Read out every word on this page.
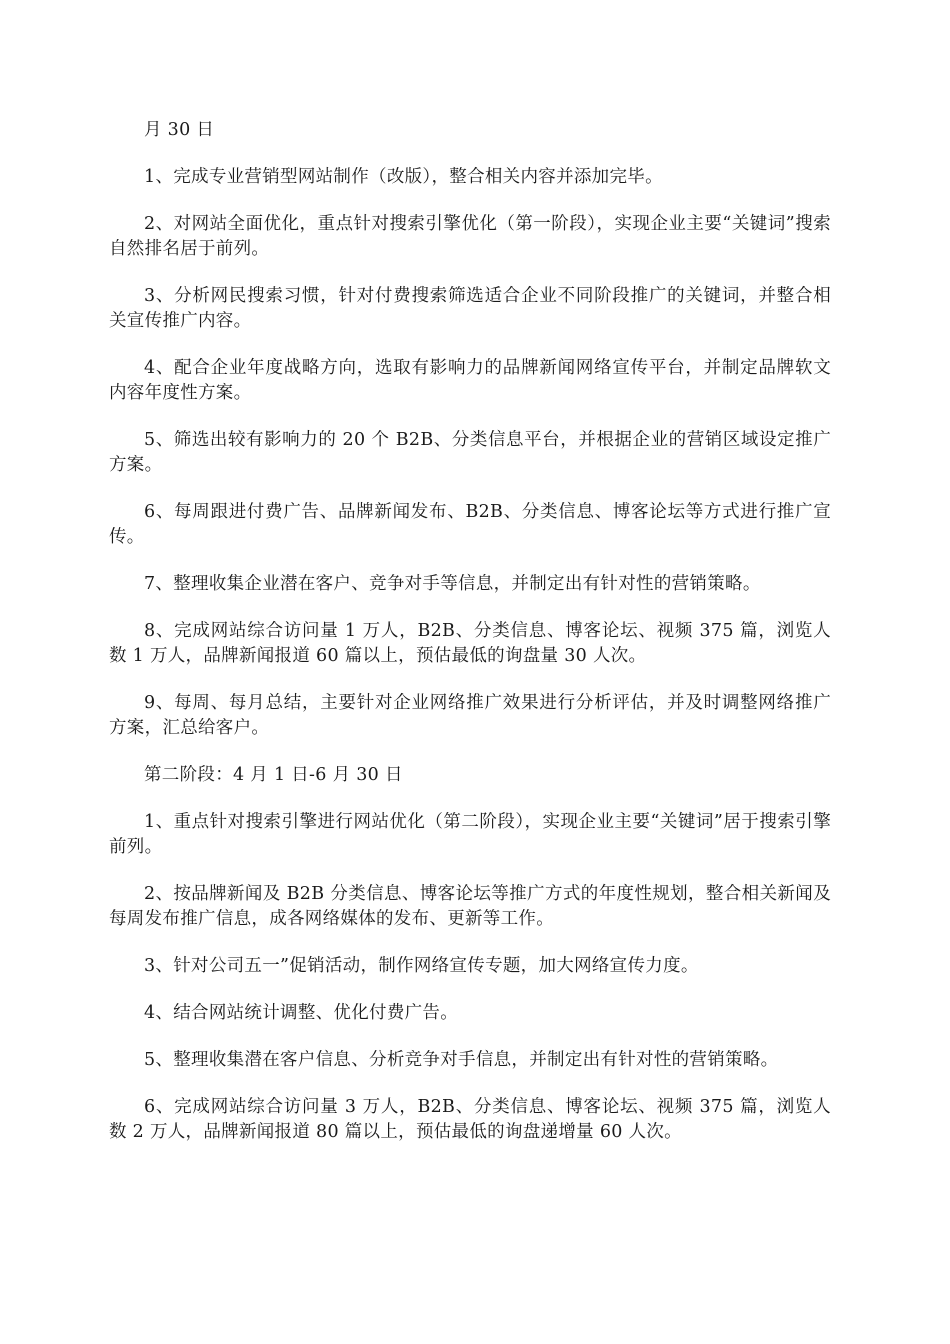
月 30 日

1、完成专业营销型网站制作（改版），整合相关内容并添加完毕。

2、对网站全面优化，重点针对搜索引擎优化（第一阶段），实现企业主要“关键词”搜索自然排名居于前列。

3、分析网民搜索习惯，针对付费搜索筛选适合企业不同阶段推广的关键词，并整合相关宣传推广内容。

4、配合企业年度战略方向，选取有影响力的品牌新闻网络宣传平台，并制定品牌软文内容年度性方案。

5、筛选出较有影响力的 20 个 B2B、分类信息平台，并根据企业的营销区域设定推广方案。

6、每周跟进付费广告、品牌新闻发布、B2B、分类信息、博客论坛等方式进行推广宣传。

7、整理收集企业潜在客户、竞争对手等信息，并制定出有针对性的营销策略。

8、完成网站综合访问量 1 万人，B2B、分类信息、博客论坛、视频 375 篇，浏览人数 1 万人，品牌新闻报道 60 篇以上，预估最低的询盘量 30 人次。

9、每周、每月总结，主要针对企业网络推广效果进行分析评估，并及时调整网络推广方案，汇总给客户。

第二阶段：4 月 1 日-6 月 30 日

1、重点针对搜索引擎进行网站优化（第二阶段），实现企业主要“关键词”居于搜索引擎前列。

2、按品牌新闻及 B2B 分类信息、博客论坛等推广方式的年度性规划，整合相关新闻及每周发布推广信息，成各网络媒体的发布、更新等工作。

3、针对公司五一”促销活动，制作网络宣传专题，加大网络宣传力度。

4、结合网站统计调整、优化付费广告。

5、整理收集潜在客户信息、分析竞争对手信息，并制定出有针对性的营销策略。

6、完成网站综合访问量 3 万人，B2B、分类信息、博客论坛、视频 375 篇，浏览人数 2 万人，品牌新闻报道 80 篇以上，预估最低的询盘递增量 60 人次。
